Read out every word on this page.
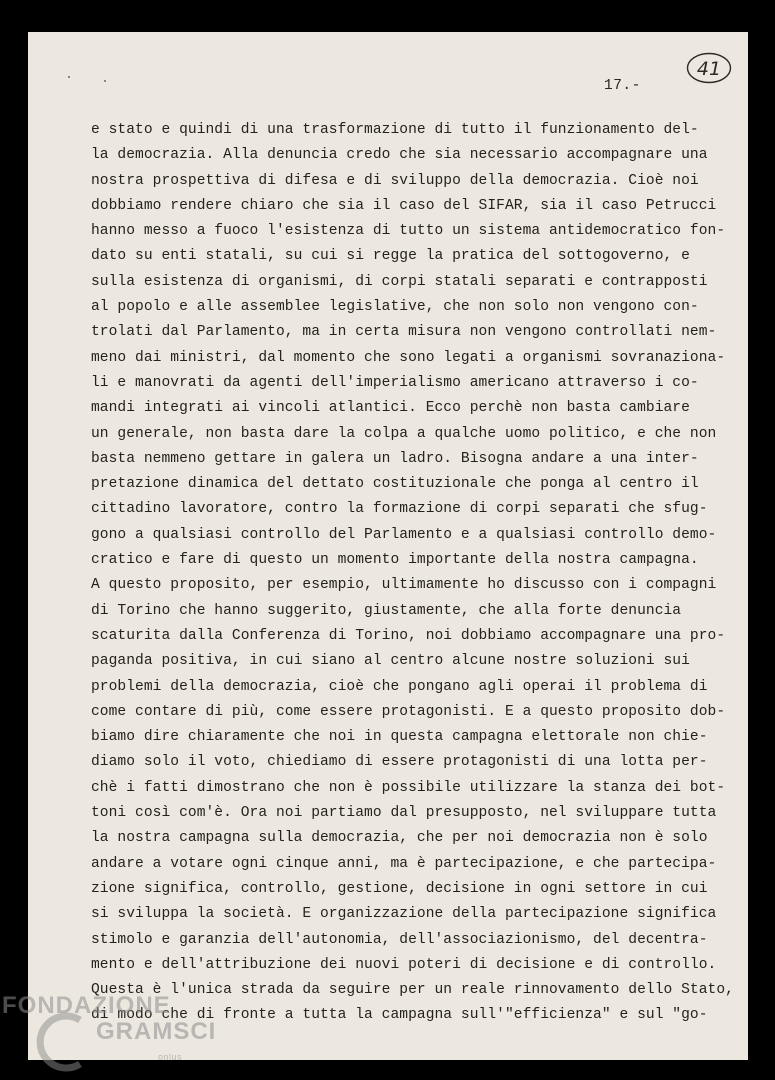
17.-
41
e stato e quindi di una trasformazione di tutto il funzionamento del-
la democrazia. Alla denuncia credo che sia necessario accompagnare una
nostra prospettiva di difesa e di sviluppo della democrazia. Cioè noi
dobbiamo rendere chiaro che sia il caso del SIFAR, sia il caso Petrucci
hanno messo a fuoco l'esistenza di tutto un sistema antidemocratico fon-
dato su enti statali, su cui si regge la pratica del sottogoverno, e
sulla esistenza di organismi, di corpi statali separati e contrapposti
al popolo e alle assemblee legislative, che non solo non vengono con-
trolati dal Parlamento, ma in certa misura non vengono controllati nem-
meno dai ministri, dal momento che sono legati a organismi sovranaziona-
li e manovrati da agenti dell'imperialismo americano attraverso i co-
mandi integrati ai vincoli atlantici. Ecco perchè non basta cambiare
un generale, non basta dare la colpa a qualche uomo politico, e che non
basta nemmeno gettare in galera un ladro. Bisogna andare a una inter-
pretazione dinamica del dettato costituzionale che ponga al centro il
cittadino lavoratore, contro la formazione di corpi separati che sfug-
gono a qualsiasi controllo del Parlamento e a qualsiasi controllo demo-
cratico e fare di questo un momento importante della nostra campagna.
A questo proposito, per esempio, ultimamente ho discusso con i compagni
di Torino che hanno suggerito, giustamente, che alla forte denuncia
scaturita dalla Conferenza di Torino, noi dobbiamo accompagnare una pro-
paganda positiva, in cui siano al centro alcune nostre soluzioni sui
problemi della democrazia, cioè che pongano agli operai il problema di
come contare di più, come essere protagonisti. E a questo proposito dob-
biamo dire chiaramente che noi in questa campagna elettorale non chie-
diamo solo il voto, chiediamo di essere protagonisti di una lotta per-
chè i fatti dimostrano che non è possibile utilizzare la stanza dei bot-
toni così com'è. Ora noi partiamo dal presupposto, nel sviluppare tutta
la nostra campagna sulla democrazia, che per noi democrazia non è solo
andare a votare ogni cinque anni, ma è partecipazione, e che partecipa-
zione significa, controllo, gestione, decisione in ogni settore in cui
si sviluppa la società. E organizzazione della partecipazione significa
stimolo e garanzia dell'autonomia, dell'associazionismo, del decentra-
mento e dell'attribuzione dei nuovi poteri di decisione e di controllo.
Questa è l'unica strada da seguire per un reale rinnovamento dello Stato,
di modo che di fronte a tutta la campagna sull'"efficienza" e sul "go-
FONDAZIONE
GRAMSCI
onlus
